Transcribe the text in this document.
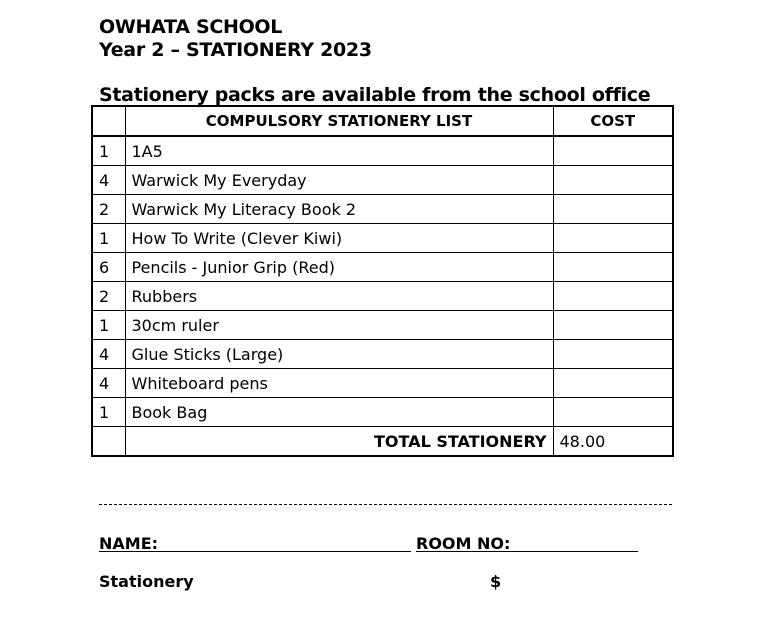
OWHATA SCHOOL
Year 2 – STATIONERY 2023
Stationery packs are available from the school office
	COMPULSORY STATIONERY LIST	COST
1	1A5	
4	Warwick My Everyday	
2	Warwick My Literacy Book 2	
1	How To Write (Clever Kiwi)	
6	Pencils - Junior Grip (Red)	
2	Rubbers	
1	30cm ruler	
4	Glue Sticks (Large)	
4	Whiteboard pens	
1	Book Bag	
	TOTAL STATIONERY	48.00
NAME:	ROOM NO:
Stationery	$
